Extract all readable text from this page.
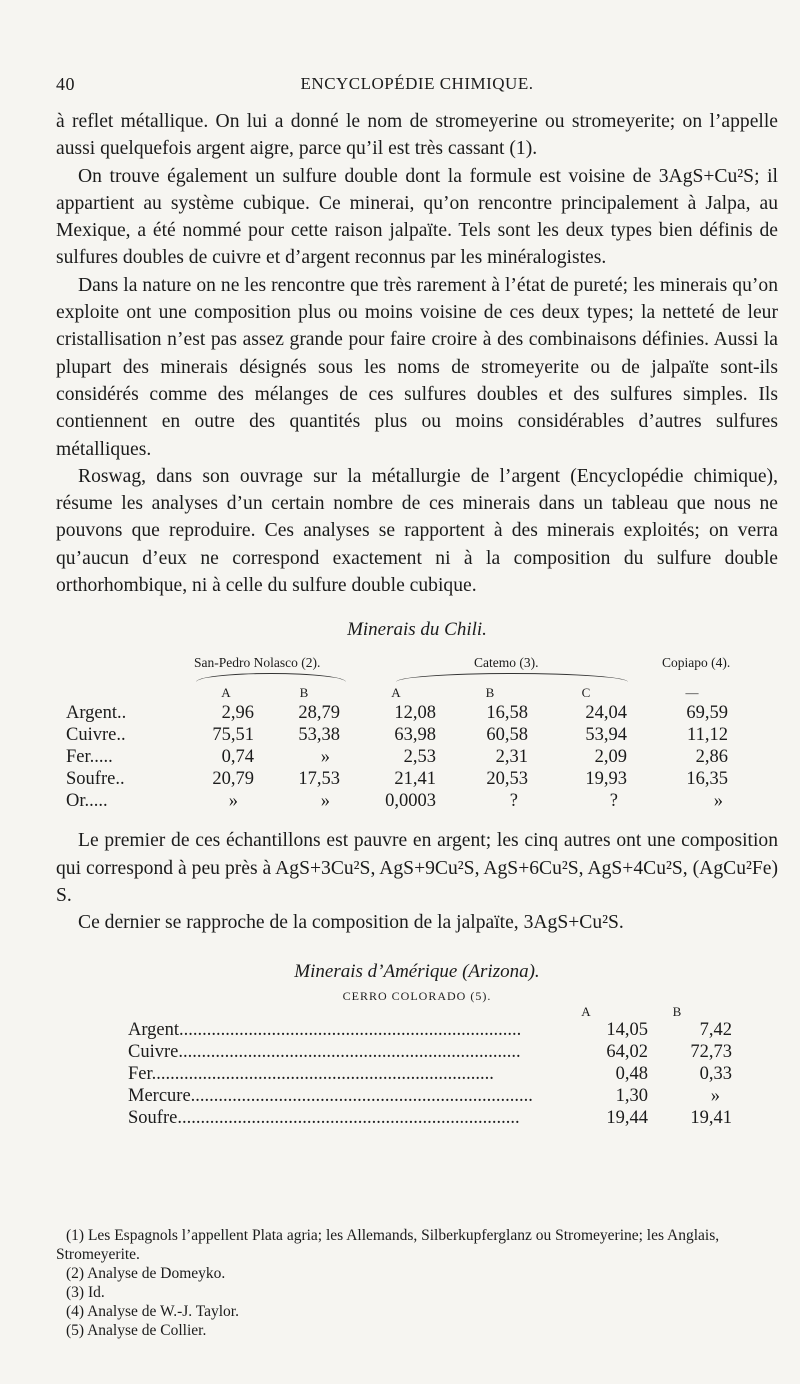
40	ENCYCLOPÉDIE CHIMIQUE.

à reflet métallique. On lui a donné le nom de stromeyerine ou stromeyerite; on l’appelle aussi quelquefois argent aigre, parce qu’il est très cassant (1).

On trouve également un sulfure double dont la formule est voisine de 3AgS+Cu²S; il appartient au système cubique. Ce minerai, qu’on rencontre principalement à Jalpa, au Mexique, a été nommé pour cette raison jalpaïte. Tels sont les deux types bien définis de sulfures doubles de cuivre et d’argent reconnus par les minéralogistes.

Dans la nature on ne les rencontre que très rarement à l’état de pureté; les minerais qu’on exploite ont une composition plus ou moins voisine de ces deux types; la netteté de leur cristallisation n’est pas assez grande pour faire croire à des combinaisons définies. Aussi la plupart des minerais désignés sous les noms de stromeyerite ou de jalpaïte sont-ils considérés comme des mélanges de ces sulfures doubles et des sulfures simples. Ils contiennent en outre des quantités plus ou moins considérables d’autres sulfures métalliques.

Roswag, dans son ouvrage sur la métallurgie de l’argent (Encyclopédie chimique), résume les analyses d’un certain nombre de ces minerais dans un tableau que nous ne pouvons que reproduire. Ces analyses se rapportent à des minerais exploités; on verra qu’aucun d’eux ne correspond exactement ni à la composition du sulfure double orthorhombique, ni à celle du sulfure double cubique.

Minerais du Chili.
San-Pedro Nolasco (2).	Catemo (3).	Copiapo (4).
A	B	A	B	C	—
Argent..	2,96 28,79	12,08	16,58	24,04	69,59
Cuivre..	75,51 53,38	63,98	60,58	53,94	11,12
Fer.....	0,74	»	2,53	2,31	2,09	2,86
Soufre..	20,79 17,53	21,41	20,53	19,93	16,35
Or.....	»	»	0,0003	?	?	»

Le premier de ces échantillons est pauvre en argent; les cinq autres ont une composition qui correspond à peu près à AgS+3Cu²S, AgS+9Cu²S, AgS+6Cu²S, AgS+4Cu²S, (AgCu²Fe) S.

Ce dernier se rapproche de la composition de la jalpaïte, 3AgS+Cu²S.

Minerais d’Amérique (Arizona).
CERRO COLORADO (5).
A	B
Argent..........................................................................	14,05	7,42
Cuivre..........................................................................	64,02 72,73
Fer..........................................................................	0,48	0,33
Mercure..........................................................................	1,30	»
Soufre..........................................................................	19,44 19,41

(1) Les Espagnols l’appellent Plata agria; les Allemands, Silberkupferglanz ou Stromeyerine; les Anglais, Stromeyerite.

(2) Analyse de Domeyko.

(3) Id.

(4) Analyse de W.-J. Taylor.

(5) Analyse de Collier.
